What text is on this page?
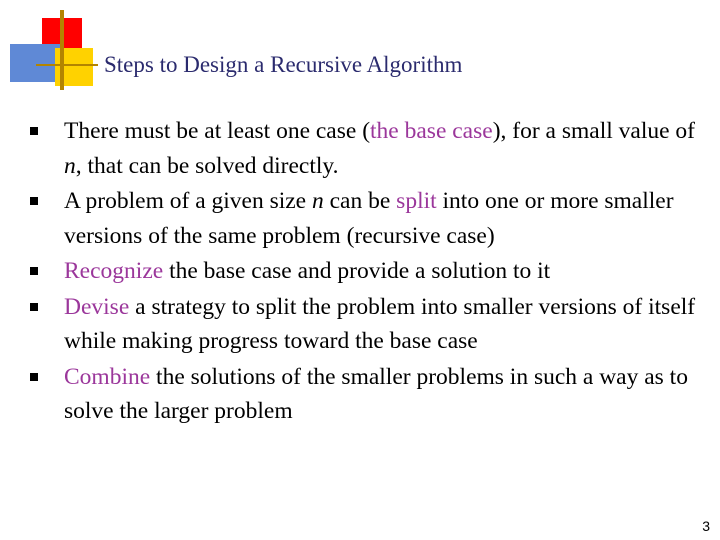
Steps to Design a Recursive Algorithm
There must be at least one case (the base case), for a small value of n, that can be solved directly.
A problem of a given size n can be split into one or more smaller versions of the same problem (recursive case)
Recognize the base case and provide a solution to it
Devise a strategy to split the problem into smaller versions of itself while making progress toward the base case
Combine the solutions of the smaller problems in such a way as to solve the larger problem
3
